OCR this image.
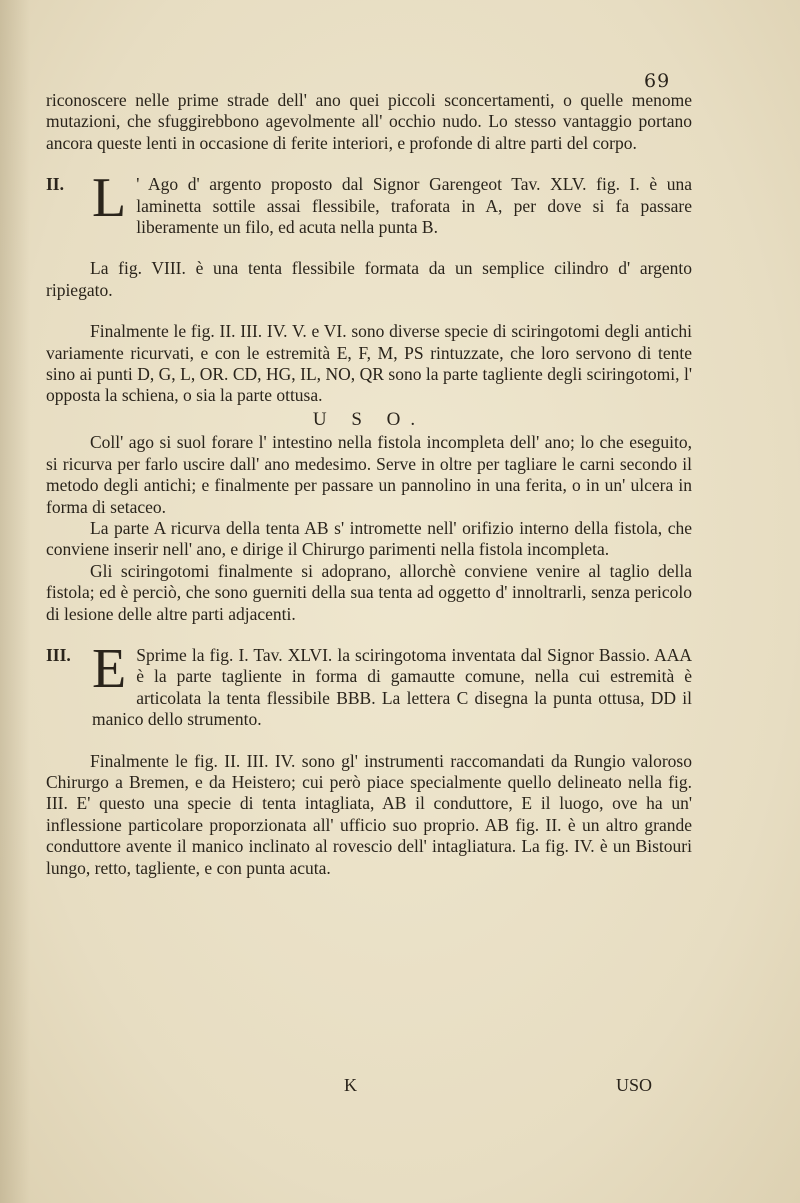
69

riconoscere nelle prime strade dell' ano quei piccoli sconcertamenti, o quelle menome mutazioni, che sfuggirebbono agevolmente all' occhio nudo. Lo stesso vantaggio portano ancora queste lenti in occasione di ferite interiori, e profonde di altre parti del corpo.

II. L ' Ago d' argento proposto dal Signor Garengeot Tav. XLV. fig. I. è una laminetta sottile assai flessibile, traforata in A, per dove si fa passare liberamente un filo, ed acuta nella punta B.

La fig. VIII. è una tenta flessibile formata da un semplice cilindro d' argento ripiegato.

Finalmente le fig. II. III. IV. V. e VI. sono diverse specie di sciringotomi degli antichi variamente ricurvati, e con le estremità E, F, M, PS rintuzzate, che loro servono di tente sino ai punti D, G, L, OR. CD, HG, IL, NO, QR sono la parte tagliente degli sciringotomi, l' opposta la schiena, o sia la parte ottusa.

U S O.

Coll' ago si suol forare l' intestino nella fistola incompleta dell' ano; lo che eseguito, si ricurva per farlo uscire dall' ano medesimo. Serve in oltre per tagliare le carni secondo il metodo degli antichi; e finalmente per passare un pannolino in una ferita, o in un' ulcera in forma di setaceo.

La parte A ricurva della tenta AB s' intromette nell' orifizio interno della fistola, che conviene inserir nell' ano, e dirige il Chirurgo parimenti nella fistola incompleta.

Gli sciringotomi finalmente si adoprano, allorchè conviene venire al taglio della fistola; ed è perciò, che sono guerniti della sua tenta ad oggetto d' innoltrarli, senza pericolo di lesione delle altre parti adjacenti.

III. E Sprime la fig. I. Tav. XLVI. la sciringotoma inventata dal Signor Bassio. AAA è la parte tagliente in forma di gamautte comune, nella cui estremità è articolata la tenta flessibile BBB. La lettera C disegna la punta ottusa, DD il manico dello strumento.

Finalmente le fig. II. III. IV. sono gl' instrumenti raccomandati da Rungio valoroso Chirurgo a Bremen, e da Heistero; cui però piace specialmente quello delineato nella fig. III. E' questo una specie di tenta intagliata, AB il conduttore, E il luogo, ove ha un' inflessione particolare proporzionata all' ufficio suo proprio. AB fig. II. è un altro grande conduttore avente il manico inclinato al rovescio dell' intagliatura. La fig. IV. è un Bistouri lungo, retto, tagliente, e con punta acuta.

K	USO
